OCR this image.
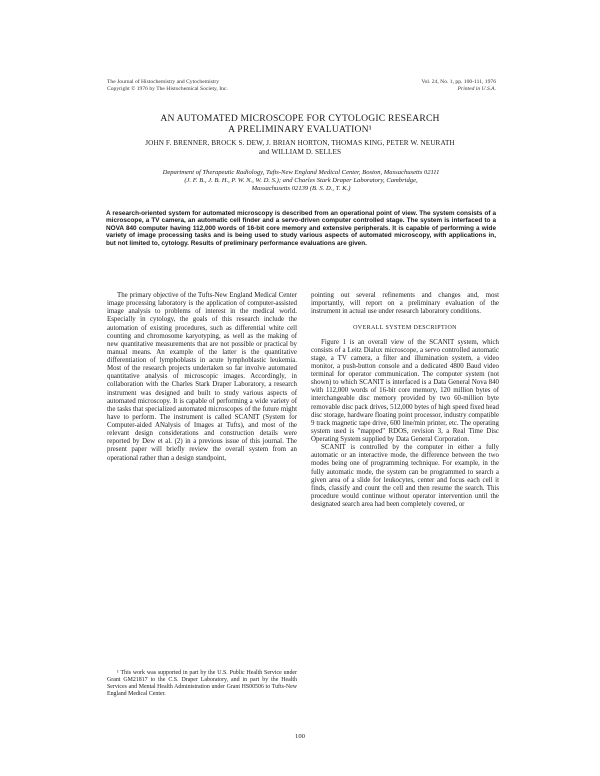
The Journal of Histochemistry and Cytochemistry
Copyright © 1976 by The Histochemical Society, Inc.
Vol. 24, No. 1, pp. 100-111, 1976
Printed in U.S.A.
AN AUTOMATED MICROSCOPE FOR CYTOLOGIC RESEARCH
A PRELIMINARY EVALUATION¹
JOHN F. BRENNER, BROCK S. DEW, J. BRIAN HORTON, THOMAS KING, PETER W. NEURATH
and WILLIAM D. SELLES
Department of Therapeutic Radiology, Tufts-New England Medical Center, Boston, Massachusetts 02111
(J. F. B., J. B. H., P. W. N., W. D. S.); and Charles Stark Draper Laboratory, Cambridge,
Massachusetts 02139 (B. S. D., T. K.)
A research-oriented system for automated microscopy is described from an operational point of view. The system consists of a microscope, a TV camera, an automatic cell finder and a servo-driven computer controlled stage. The system is interfaced to a NOVA 840 computer having 112,000 words of 16-bit core memory and extensive peripherals. It is capable of performing a wide variety of image processing tasks and is being used to study various aspects of automated microscopy, with applications in, but not limited to, cytology. Results of preliminary performance evaluations are given.

The primary objective of the Tufts-New England Medical Center image processing laboratory is the application of computer-assisted image analysis to problems of interest in the medical world. Especially in cytology, the goals of this research include the automation of existing procedures, such as differential white cell counting and chromosome karyotyping, as well as the making of new quantitative measurements that are not possible or practical by manual means. An example of the latter is the quantitative differentiation of lymphoblasts in acute lymphoblastic leukemia. Most of the research projects undertaken so far involve automated quantitative analysis of microscopic images. Accordingly, in collaboration with the Charles Stark Draper Laboratory, a research instrument was designed and built to study various aspects of automated microscopy. It is capable of performing a wide variety of the tasks that specialized automated microscopes of the future might have to perform. The instrument is called SCANIT (System for Computer-aided ANalysis of Images at Tufts), and most of the relevant design considerations and construction details were reported by Dew et al. (2) in a previous issue of this journal. The present paper will briefly review the overall system from an operational rather than a design standpoint,

pointing out several refinements and changes and, most importantly, will report on a preliminary evaluation of the instrument in actual use under research laboratory conditions.

OVERALL SYSTEM DESCRIPTION

Figure 1 is an overall view of the SCANIT system, which consists of a Leitz Dialux microscope, a servo controlled automatic stage, a TV camera, a filter and illumination system, a video monitor, a push-button console and a dedicated 4800 Baud video terminal for operator communication. The computer system (not shown) to which SCANIT is interfaced is a Data General Nova 840 with 112,000 words of 16-bit core memory, 120 million bytes of interchangeable disc memory provided by two 60-million byte removable disc pack drives, 512,000 bytes of high speed fixed head disc storage, hardware floating point processor, industry compatible 9 track magnetic tape drive, 600 line/min printer, etc. The operating system used is "mapped" RDOS, revision 3, a Real Time Disc Operating System supplied by Data General Corporation.

SCANIT is controlled by the computer in either a fully automatic or an interactive mode, the difference between the two modes being one of programming technique. For example, in the fully automatic mode, the system can be programmed to search a given area of a slide for leukocytes, center and focus each cell it finds, classify and count the cell and then resume the search. This procedure would continue without operator intervention until the designated search area had been completely covered, or

¹ This work was supported in part by the U.S. Public Health Service under Grant GM21817 to the C.S. Draper Laboratory, and in part by the Health Services and Mental Health Administration under Grant HS00506 to Tufts-New England Medical Center.
100
